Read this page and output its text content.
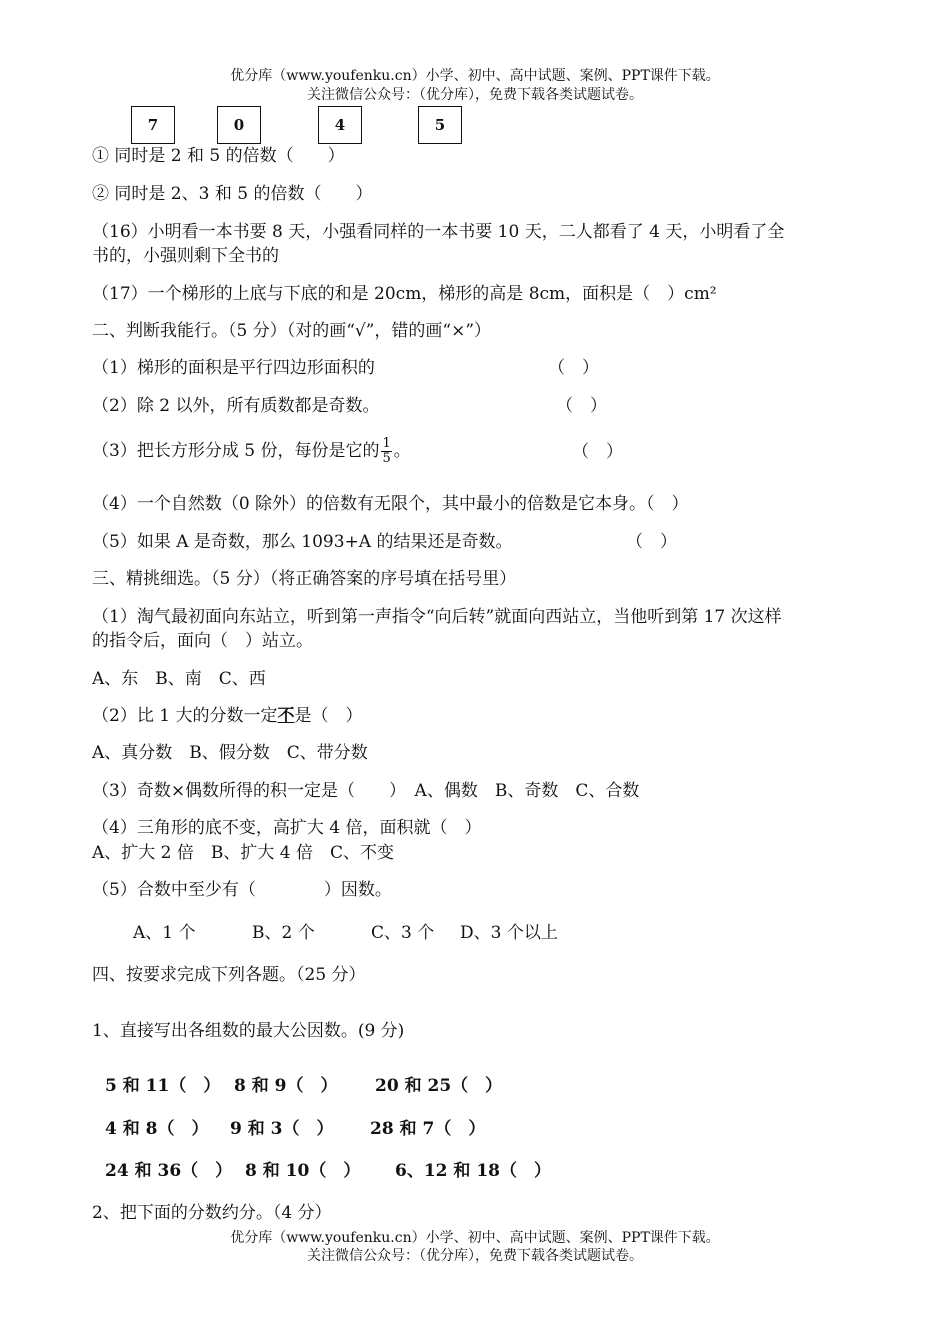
优分库（www.youfenku.cn）小学、初中、高中试题、案例、PPT课件下载。
关注微信公众号：（优分库），免费下载各类试题试卷。
7	0	4	5
① 同时是 2 和 5 的倍数（　　）
② 同时是 2、3 和 5 的倍数（　　）
（16）小明看一本书要 8 天，小强看同样的一本书要 10 天，二人都看了 4 天，小明看了全
书的，小强则剩下全书的
（17）一个梯形的上底与下底的和是 20cm，梯形的高是 8cm，面积是（　）cm²
二、判断我能行。（5 分）（对的画“√”，错的画“×”）
（1）梯形的面积是平行四边形面积的	（　）
（2）除 2 以外，所有质数都是奇数。	（　）
（3）把长方形分成 5 份，每份是它的 $\frac{1}{5}$ 。	（　）
（4）一个自然数（0 除外）的倍数有无限个，其中最小的倍数是它本身。（　）
（5）如果 A 是奇数，那么 1093+A 的结果还是奇数。	（　）
三、精挑细选。（5 分）（将正确答案的序号填在括号里）
（1）淘气最初面向东站立，听到第一声指令“向后转”就面向西站立，当他听到第 17 次这样
的指令后，面向（　）站立。
A、东　B、南　C、西
（2）比 1 大的分数一定不是（　）
A、真分数　B、假分数　C、带分数
（3）奇数×偶数所得的积一定是（　　）　A、偶数　B、奇数　C、合数
（4）三角形的底不变，高扩大 4 倍，面积就（　）
A、扩大 2 倍　B、扩大 4 倍　C、不变
（5）合数中至少有（　　　　）因数。
A、1 个	B、2 个	C、3 个 D、3 个以上
四、按要求完成下列各题。（25 分）
1、直接写出各组数的最大公因数。(9 分)
5 和 11（　） 8 和 9（　） 20 和 25（　）
4 和 8（　） 9 和 3（　） 28 和 7（　）
24 和 36（　） 8 和 10（　） 6、12 和 18（　）
2、把下面的分数约分。（4 分）
优分库（www.youfenku.cn）小学、初中、高中试题、案例、PPT课件下载。
关注微信公众号：（优分库），免费下载各类试题试卷。
